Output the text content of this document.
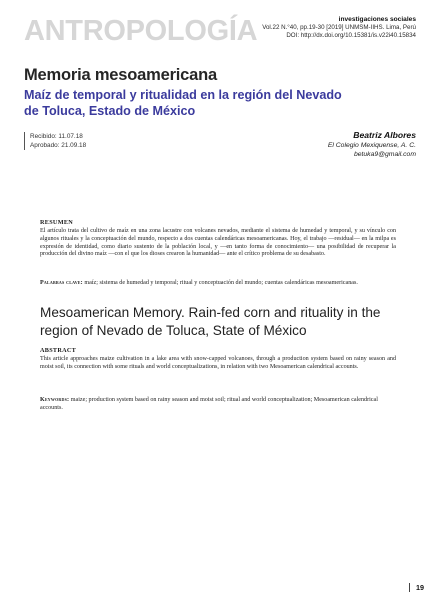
ANTROPOLOGÍA	investigaciones sociales
Vol.22 N.°40, pp.19-30 [2019] UNMSM-IIHS. Lima, Perú
DOI: http://dx.doi.org/10.15381/is.v22i40.15834
Memoria mesoamericana
Maíz de temporal y ritualidad en la región del Nevado de Toluca, Estado de México
Recibido: 11.07.18
Aprobado: 21.09.18
Beatriz Albores
El Colegio Mexiquense, A. C.
betuka9@gmail.com
RESUMEN
El artículo trata del cultivo de maíz en una zona lacustre con volcanes nevados, mediante el sistema de humedad y temporal, y su vínculo con algunos rituales y la conceptuación del mundo, respecto a dos cuentas calendáricas mesoamericanas. Hoy, el trabajo —residual— en la milpa es expresión de identidad, como diario sustento de la población local, y —en tanto forma de conocimiento— una posibilidad de recuperar la producción del divino maíz —con el que los dioses crearon la humanidad— ante el crítico problema de su desabasto.
Palabras clave: maíz; sistema de humedad y temporal; ritual y conceptuación del mundo; cuentas calendáricas mesoamericanas.
Mesoamerican Memory. Rain-fed corn and rituality in the region of Nevado de Toluca, State of México
ABSTRACT
This article approaches maize cultivation in a lake area with snow-capped volcanoes, through a production system based on rainy season and moist soil, its connection with some rituals and world conceptualizations, in relation with two Mesoamerican calendrical accounts.
Keywords: maize; production system based on rainy season and moist soil; ritual and world conceptualization; Mesoamerican calendrical accounts.
19
